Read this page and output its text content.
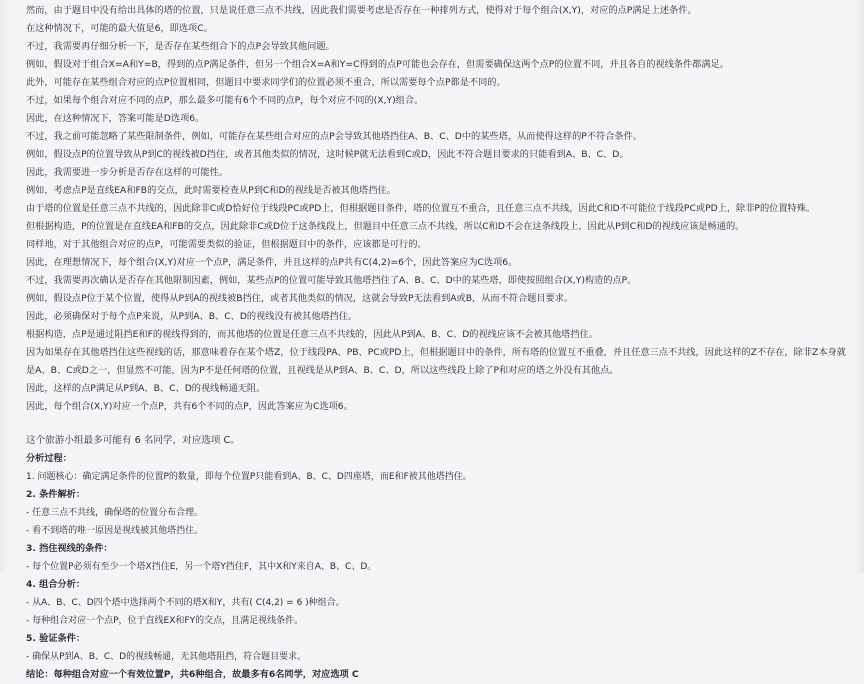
然而，由于题目中没有给出具体的塔的位置，只是说任意三点不共线，因此我们需要考虑是否存在一种排列方式，使得对于每个组合(X,Y)，对应的点P满足上述条件。

在这种情况下，可能的最大值是6，即选项C。

不过，我需要再仔细分析一下，是否存在某些组合下的点P会导致其他问题。

例如，假设对于组合X=A和Y=B，得到的点P满足条件，但另一个组合X=A和Y=C得到的点P可能也会存在，但需要确保这两个点P的位置不同，并且各自的视线条件都满足。

此外，可能存在某些组合对应的点P位置相同，但题目中要求同学们的位置必须不重合，所以需要每个点P都是不同的。

不过，如果每个组合对应不同的点P，那么最多可能有6个不同的点P，每个对应不同的(X,Y)组合。

因此，在这种情况下，答案可能是D选项6。

不过，我之前可能忽略了某些限制条件，例如，可能存在某些组合对应的点P会导致其他塔挡住A、B、C、D中的某些塔，从而使得这样的P不符合条件。

例如，假设点P的位置导致从P到C的视线被D挡住，或者其他类似的情况，这时候P就无法看到C或D，因此不符合题目要求的只能看到A、B、C、D。

因此，我需要进一步分析是否存在这样的可能性。

例如，考虑点P是直线EA和FB的交点，此时需要检查从P到C和D的视线是否被其他塔挡住。

由于塔的位置是任意三点不共线的，因此除非C或D恰好位于线段PC或PD上，但根据题目条件，塔的位置互不重合，且任意三点不共线，因此C和D不可能位于线段PC或PD上，除非P的位置特殊。

但根据构造，P的位置是在直线EA和FB的交点，因此除非C或D位于这条线段上，但题目中任意三点不共线，所以C和D不会在这条线段上，因此从P到C和D的视线应该是畅通的。

同样地，对于其他组合对应的点P，可能需要类似的验证，但根据题目中的条件，应该都是可行的。

因此，在理想情况下，每个组合(X,Y)对应一个点P，满足条件，并且这样的点P共有C(4,2)=6个，因此答案应为C选项6。

不过，我需要再次确认是否存在其他限制因素，例如，某些点P的位置可能导致其他塔挡住了A、B、C、D中的某些塔，即使按照组合(X,Y)构造的点P。

例如，假设点P位于某个位置，使得从P到A的视线被B挡住，或者其他类似的情况，这就会导致P无法看到A或B，从而不符合题目要求。

因此，必须确保对于每个点P来说，从P到A、B、C、D的视线没有被其他塔挡住。

根据构造，点P是通过阻挡E和F的视线得到的，而其他塔的位置是任意三点不共线的，因此从P到A、B、C、D的视线应该不会被其他塔挡住。

因为如果存在其他塔挡住这些视线的话，那意味着存在某个塔Z，位于线段PA、PB、PC或PD上，但根据题目中的条件，所有塔的位置互不重叠，并且任意三点不共线，因此这样的Z不存在，除非Z本身就

是A、B、C或D之一，但显然不可能，因为P不是任何塔的位置，且视线是从P到A、B、C、D，所以这些线段上除了P和对应的塔之外没有其他点。

因此，这样的点P满足从P到A、B、C、D的视线畅通无阻。

因此，每个组合(X,Y)对应一个点P，共有6个不同的点P，因此答案应为C选项6。

这个旅游小组最多可能有 6 名同学，对应选项 C。

分析过程：

1. 问题核心：确定满足条件的位置P的数量，即每个位置P只能看到A、B、C、D四座塔，而E和F被其他塔挡住。

2. 条件解析：

- 任意三点不共线，确保塔的位置分布合理。

- 看不到塔的唯一原因是视线被其他塔挡住。

3. 挡住视线的条件：

- 每个位置P必须有至少一个塔X挡住E，另一个塔Y挡住F，其中X和Y来自A、B、C、D。

4. 组合分析：

- 从A、B、C、D四个塔中选择两个不同的塔X和Y，共有( C(4,2) = 6 )种组合。

- 每种组合对应一个点P，位于直线EX和FY的交点，且满足视线条件。

5. 验证条件：

- 确保从P到A、B、C、D的视线畅通，无其他塔阻挡，符合题目要求。

结论：每种组合对应一个有效位置P，共6种组合，故最多有6名同学，对应选项 C
